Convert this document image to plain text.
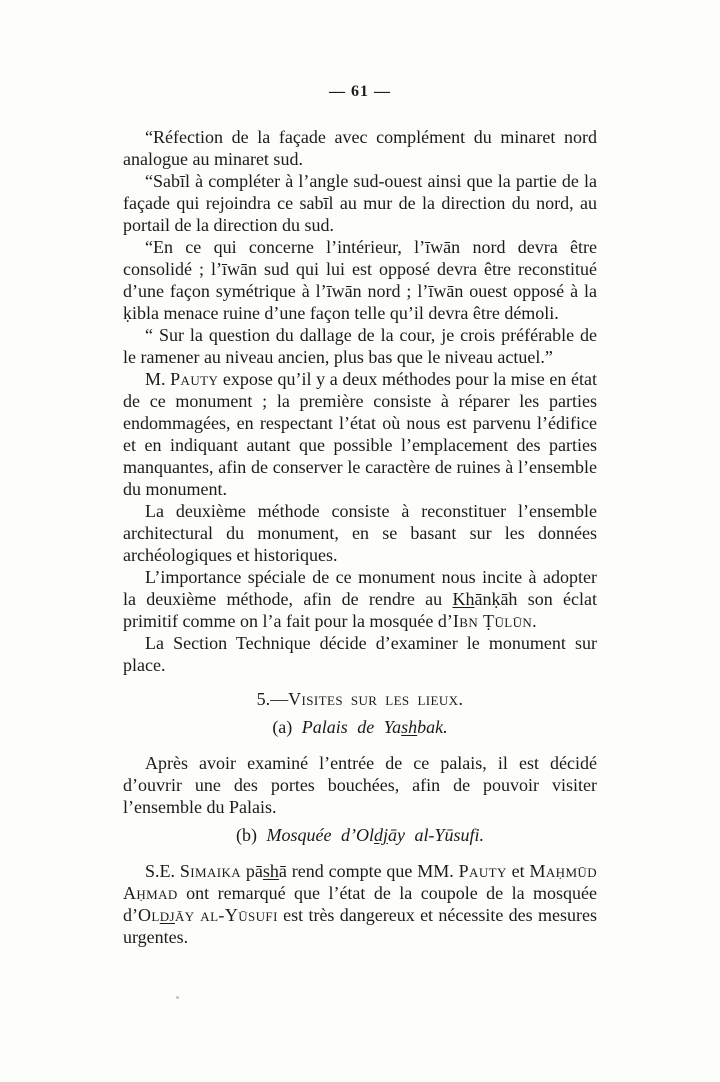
— 61 —

“Réfection de la façade avec complément du minaret nord analogue au minaret sud.

“Sabīl à compléter à l’angle sud-ouest ainsi que la partie de la façade qui rejoindra ce sabīl au mur de la direction du nord, au portail de la direction du sud.

“En ce qui concerne l’intérieur, l’īwān nord devra être consolidé ; l’īwān sud qui lui est opposé devra être reconstitué d’une façon symétrique à l’īwān nord ; l’īwān ouest opposé à la ḳibla menace ruine d’une façon telle qu’il devra être démoli.

“ Sur la question du dallage de la cour, je crois préférable de le ramener au niveau ancien, plus bas que le niveau actuel.”

M. Pauty expose qu’il y a deux méthodes pour la mise en état de ce monument ; la première consiste à réparer les parties endommagées, en respectant l’état où nous est parvenu l’édifice et en indiquant autant que possible l’emplacement des parties manquantes, afin de conserver le caractère de ruines à l’ensemble du monument.

La deuxième méthode consiste à reconstituer l’ensemble architectural du monument, en se basant sur les données archéologiques et historiques.

L’importance spéciale de ce monument nous incite à adopter la deuxième méthode, afin de rendre au Khānḳāh son éclat primitif comme on l’a fait pour la mosquée d’Ibn Ṭūlūn.

La Section Technique décide d’examiner le monument sur place.

5.—Visites sur les lieux.

(a) Palais de Yashbak.

Après avoir examiné l’entrée de ce palais, il est décidé d’ouvrir une des portes bouchées, afin de pouvoir visiter l’ensemble du Palais.

(b) Mosquée d’Oldjāy al-Yūsufi.

S.E. Simaika pāshā rend compte que MM. Pauty et Maḥmūd Aḥmad ont remarqué que l’état de la coupole de la mosquée d’Oldjāy al-Yūsufi est très dangereux et nécessite des mesures urgentes.
